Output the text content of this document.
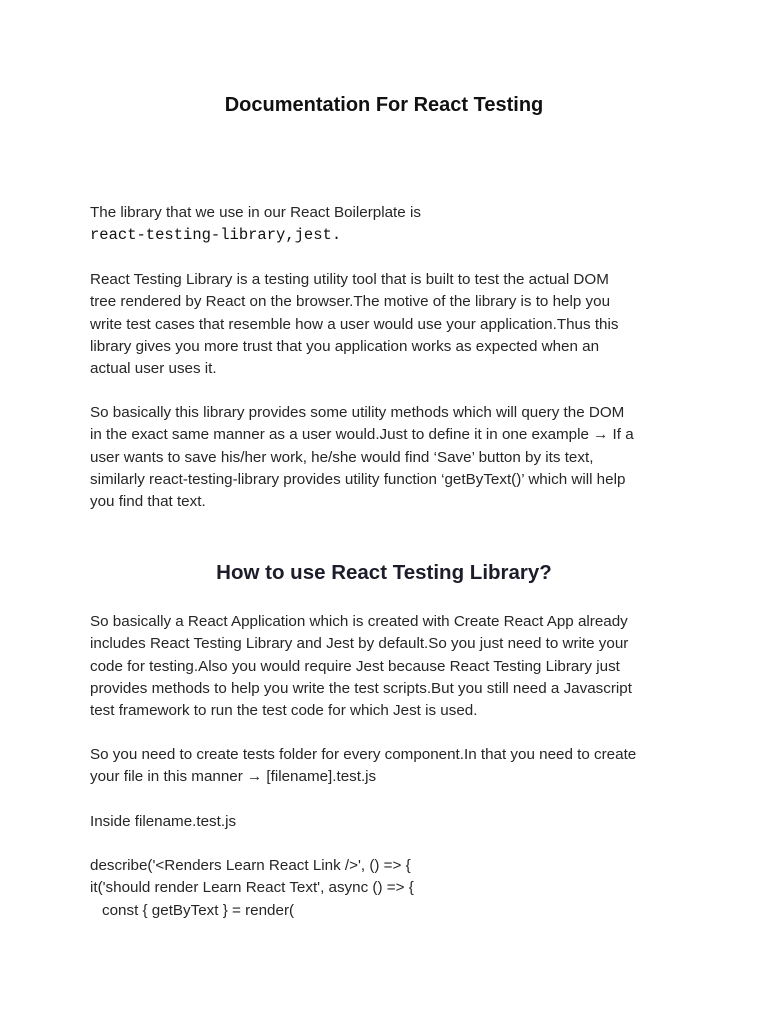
Documentation For React Testing

The library that we use in our React Boilerplate is
react-testing-library,jest.

React Testing Library is a testing utility tool that is built to test the actual DOM
tree rendered by React on the browser.The motive of the library is to help you
write test cases that resemble how a user would use your application.Thus this
library gives you more trust that you application works as expected when an
actual user uses it.

So basically this library provides some utility methods which will query the DOM
in the exact same manner as a user would.Just to define it in one example → If a
user wants to save his/her work, he/she would find ‘Save’ button by its text,
similarly react-testing-library provides utility function ‘getByText()’ which will help
you find that text.

How to use React Testing Library?

So basically a React Application which is created with Create React App already
includes React Testing Library and Jest by default.So you just need to write your
code for testing.Also you would require Jest because React Testing Library just
provides methods to help you write the test scripts.But you still need a Javascript
test framework to run the test code for which Jest is used.

So you need to create tests folder for every component.In that you need to create
your file in this manner → [filename].test.js

Inside filename.test.js

describe('<Renders Learn React Link />', () => {
it('should render Learn React Text', async () => {
const { getByText } = render(
